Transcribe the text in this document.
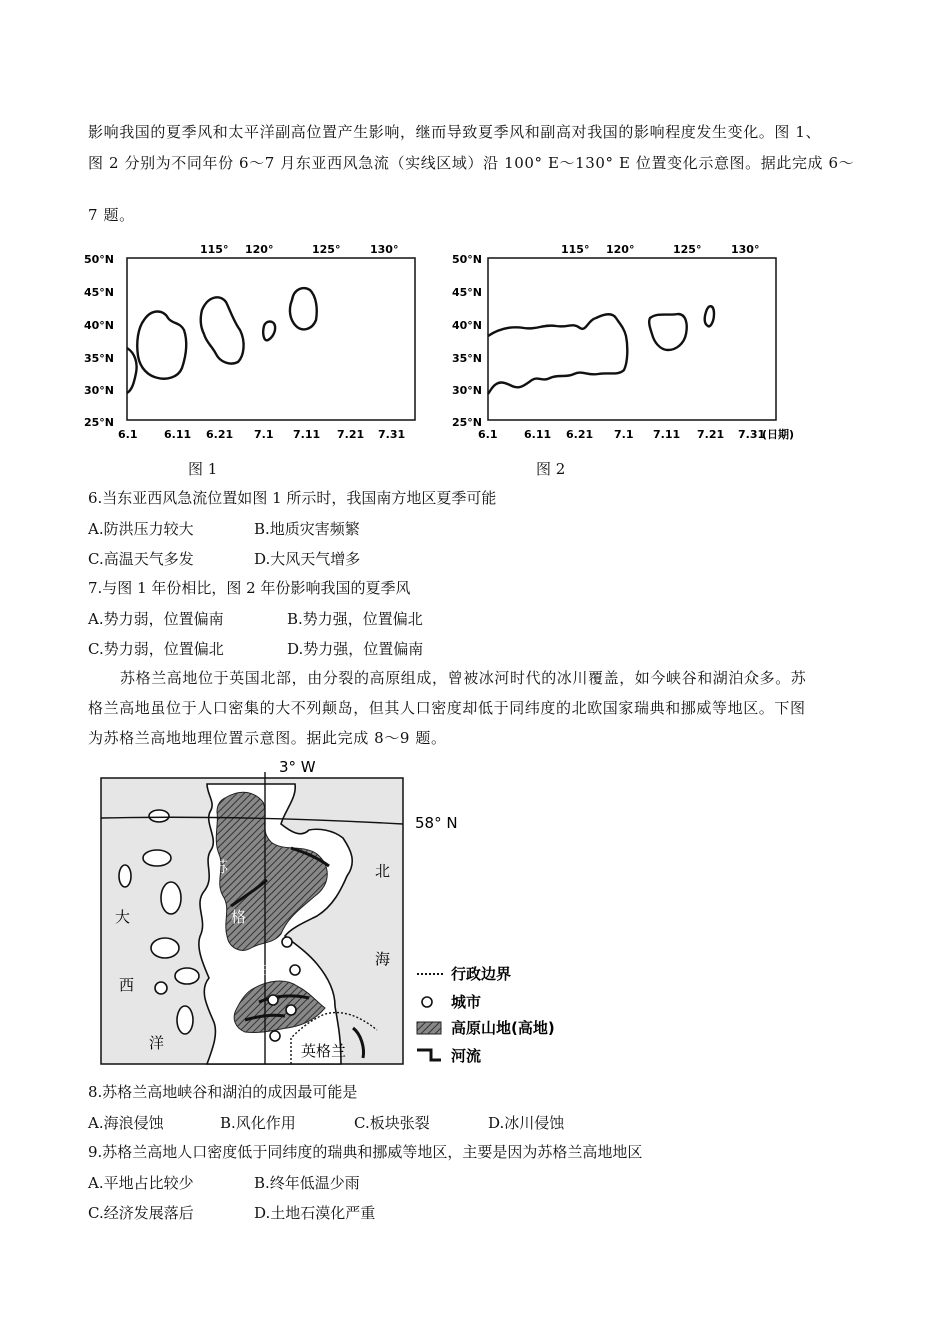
影响我国的夏季风和太平洋副高位置产生影响，继而导致夏季风和副高对我国的影响程度发生变化。图 1、
图 2 分别为不同年份 6～7 月东亚西风急流（实线区域）沿 100° E～130° E 位置变化示意图。据此完成 6～
7 题。
50°N
45°N
40°N
35°N
30°N
25°N
115° 120°	125°	130°
6.1 6.11 6.21 7.1 7.11 7.21 7.31
图 1
50°N
45°N
40°N
35°N
30°N
25°N
115° 120°	125°	130°
6.1 6.11 6.21 7.1 7.11 7.21 7.31
(日期)
图 2
6.当东亚西风急流位置如图 1 所示时，我国南方地区夏季可能
A.防洪压力较大	B.地质灾害频繁
C.高温天气多发	D.大风天气增多
7.与图 1 年份相比，图 2 年份影响我国的夏季风
A.势力弱，位置偏南	B.势力强，位置偏北
C.势力弱，位置偏北	D.势力强，位置偏南
苏格兰高地位于英国北部，由分裂的高原组成，曾被冰河时代的冰川覆盖，如今峡谷和湖泊众多。苏
格兰高地虽位于人口密集的大不列颠岛，但其人口密度却低于同纬度的北欧国家瑞典和挪威等地区。下图
为苏格兰高地地理位置示意图。据此完成 8～9 题。
3° W
58° N
大
西
洋
北
海
苏
格
兰
英格兰
行政边界
城市
高原山地(高地)
河流
8.苏格兰高地峡谷和湖泊的成因最可能是
A.海浪侵蚀	B.风化作用	C.板块张裂	D.冰川侵蚀
9.苏格兰高地人口密度低于同纬度的瑞典和挪威等地区，主要是因为苏格兰高地地区
A.平地占比较少	B.终年低温少雨
C.经济发展落后	D.土地石漠化严重
